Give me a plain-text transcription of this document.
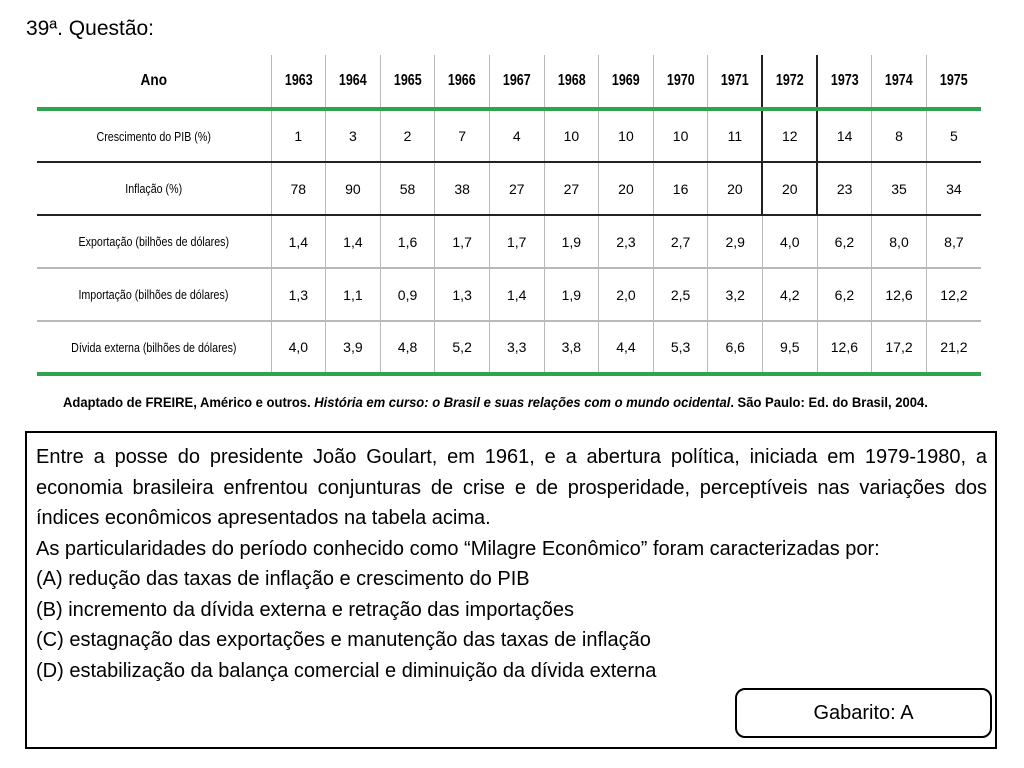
39ª. Questão:
Ano	1963	1964	1965	1966	1967	1968	1969	1970	1971	1972	1973	1974	1975
Crescimento do PIB (%)	1	3	2	7	4	10	10	10	11	12	14	8	5
Inflação (%)	78	90	58	38	27	27	20	16	20	20	23	35	34
Exportação (bilhões de dólares)	1,4	1,4	1,6	1,7	1,7	1,9	2,3	2,7	2,9	4,0	6,2	8,0	8,7
Importação (bilhões de dólares)	1,3	1,1	0,9	1,3	1,4	1,9	2,0	2,5	3,2	4,2	6,2	12,6	12,2
Dívida externa (bilhões de dólares)	4,0	3,9	4,8	5,2	3,3	3,8	4,4	5,3	6,6	9,5	12,6	17,2	21,2
Adaptado de FREIRE, Américo e outros. História em curso: o Brasil e suas relações com o mundo ocidental. São Paulo: Ed. do Brasil, 2004.

Entre a posse do presidente João Goulart, em 1961, e a abertura política, iniciada em 1979-1980, a economia brasileira enfrentou conjunturas de crise e de prosperidade, perceptíveis nas variações dos índices econômicos apresentados na tabela acima.

As particularidades do período conhecido como “Milagre Econômico” foram caracterizadas por:

(A) redução das taxas de inflação e crescimento do PIB

(B) incremento da dívida externa e retração das importações

(C) estagnação das exportações e manutenção das taxas de inflação

(D) estabilização da balança comercial e diminuição da dívida externa

Gabarito: A
